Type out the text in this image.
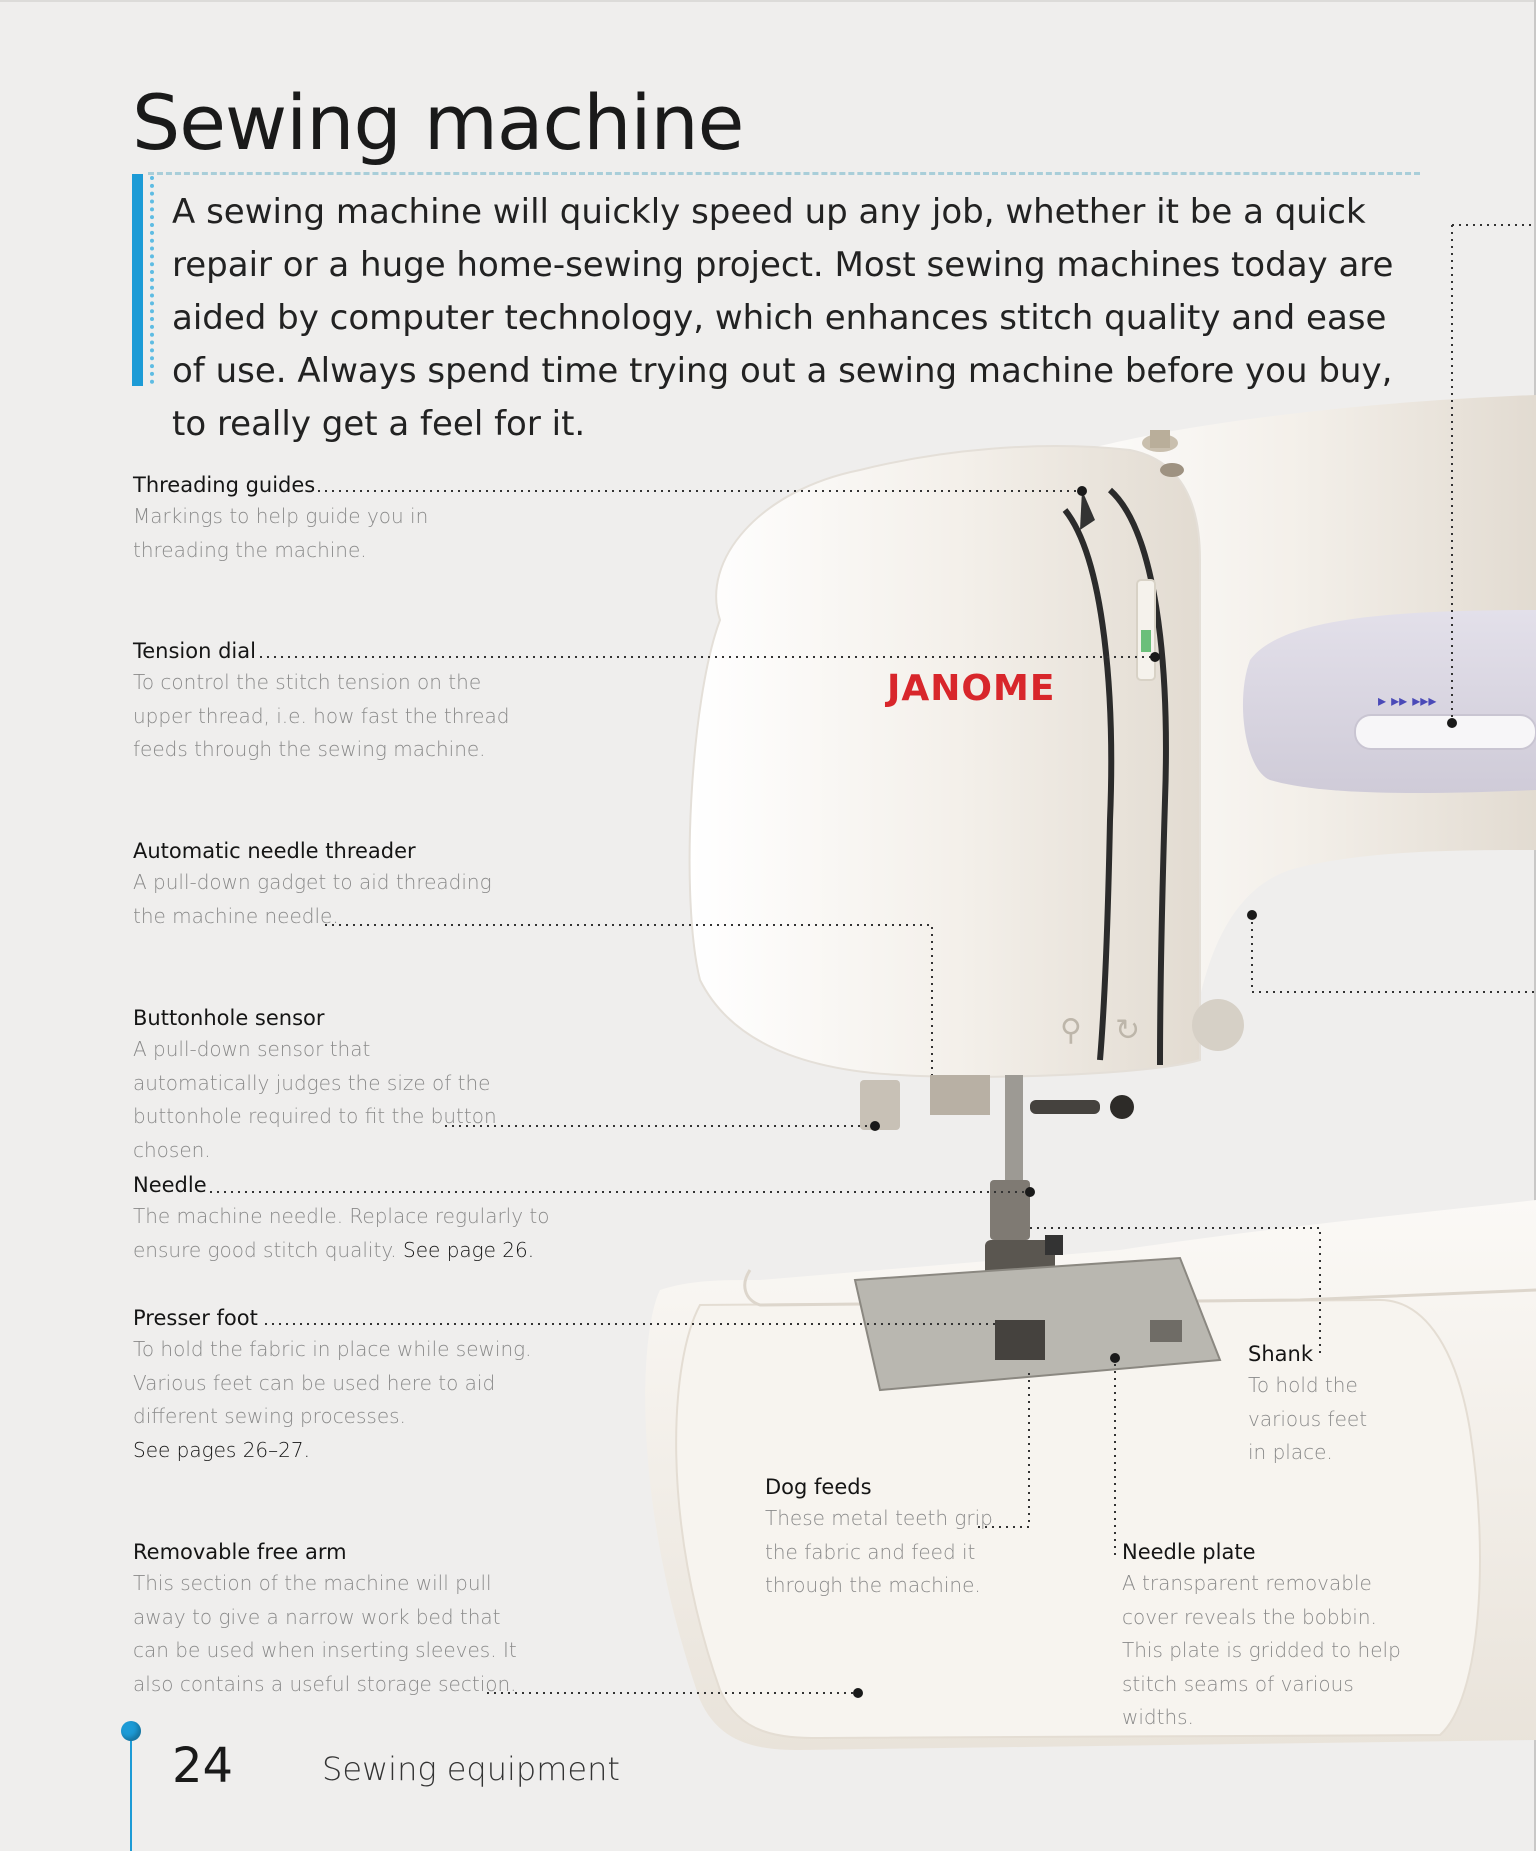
▸ ▸▸ ▸▸▸
JANOME
⚲ ↻
Sewing machine
A sewing machine will quickly speed up any job, whether it be a quick repair or a huge home-sewing project. Most sewing machines today are aided by computer technology, which enhances stitch quality and ease of use. Always spend time trying out a sewing machine before you buy, to really get a feel for it.
Threading guides
Markings to help guide you in threading the machine.
Tension dial
To control the stitch tension on the upper thread, i.e. how fast the thread feeds through the sewing machine.
Automatic needle threader
A pull-down gadget to aid threading the machine needle.
Buttonhole sensor
A pull-down sensor that automatically judges the size of the buttonhole required to fit the button chosen.
Needle
The machine needle. Replace regularly to ensure good stitch quality. See page 26.
Presser foot
To hold the fabric in place while sewing. Various feet can be used here to aid different sewing processes.
See pages 26–27.
Removable free arm
This section of the machine will pull away to give a narrow work bed that can be used when inserting sleeves. It also contains a useful storage section.
Dog feeds
These metal teeth grip the fabric and feed it through the machine.
Shank
To hold the various feet in place.
Needle plate
A transparent removable cover reveals the bobbin. This plate is gridded to help stitch seams of various widths.
24	Sewing equipment
